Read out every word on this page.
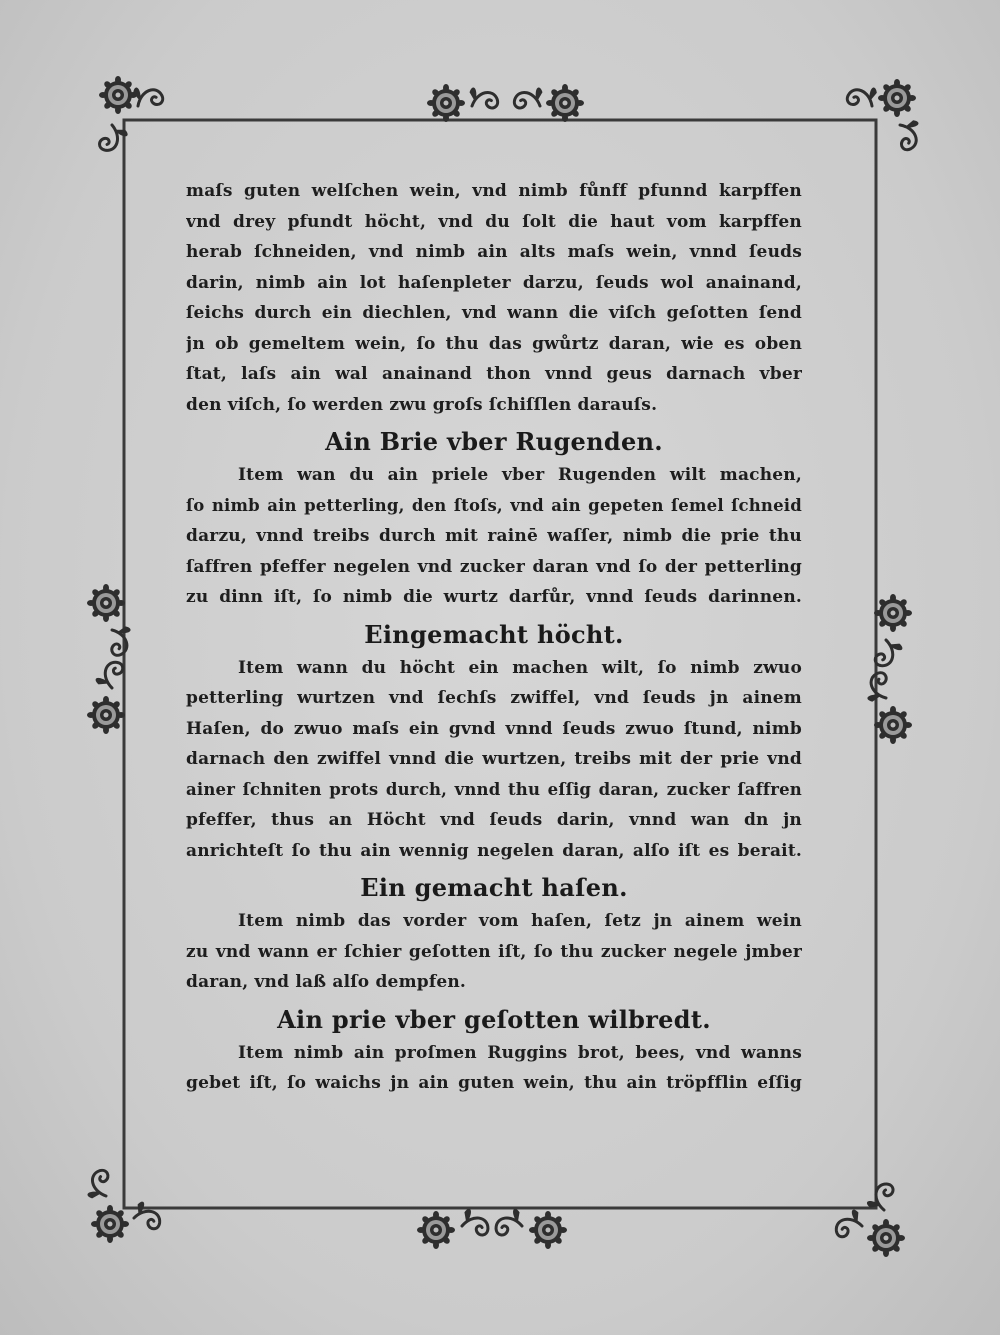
maſs guten welſchen wein, vnd nimb fůnff pfunnd karpffen
vnd drey pfundt höcht, vnd du ſolt die haut vom karpffen
herab ſchneiden, vnd nimb ain alts maſs wein, vnnd ſeuds
darin, nimb ain lot haſenpleter darzu, ſeuds wol anainand,
ſeichs durch ein diechlen, vnd wann die viſch geſotten ſend
jn ob gemeltem wein, ſo thu das gwůrtz daran, wie es oben
ſtat, laſs ain wal anainand thon vnnd geus darnach vber
den viſch, ſo werden zwu groſs ſchiſſlen darauſs.
Ain Brie vber Rugenden.
Item wan du ain priele vber Rugenden wilt machen,
ſo nimb ain petterling, den ſtoſs, vnd ain gepeten ſemel ſchneid
darzu, vnnd treibs durch mit rainē waſſer, nimb die prie thu
ſaffren pfeffer negelen vnd zucker daran vnd ſo der petterling
zu dinn iſt, ſo nimb die wurtz darfůr, vnnd ſeuds darinnen.
Eingemacht höcht.
Item wann du höcht ein machen wilt, ſo nimb zwuo
petterling wurtzen vnd ſechſs zwiffel, vnd ſeuds jn ainem
Haſen, do zwuo maſs ein gvnd vnnd ſeuds zwuo ſtund, nimb
darnach den zwiffel vnnd die wurtzen, treibs mit der prie vnd
ainer ſchniten prots durch, vnnd thu eſſig daran, zucker ſaffren
pfeffer, thus an Höcht vnd ſeuds darin, vnnd wan dn jn
anrichteſt ſo thu ain wennig negelen daran, alſo iſt es berait.
Ein gemacht haſen.
Item nimb das vorder vom haſen, ſetz jn ainem wein
zu vnd wann er ſchier geſotten iſt, ſo thu zucker negele jmber
daran, vnd laß alſo dempfen.
Ain prie vber geſotten wilbredt.
Item nimb ain proſmen Ruggins brot, bees, vnd wanns
gebet iſt, ſo waichs jn ain guten wein, thu ain tröpfflin eſſig
